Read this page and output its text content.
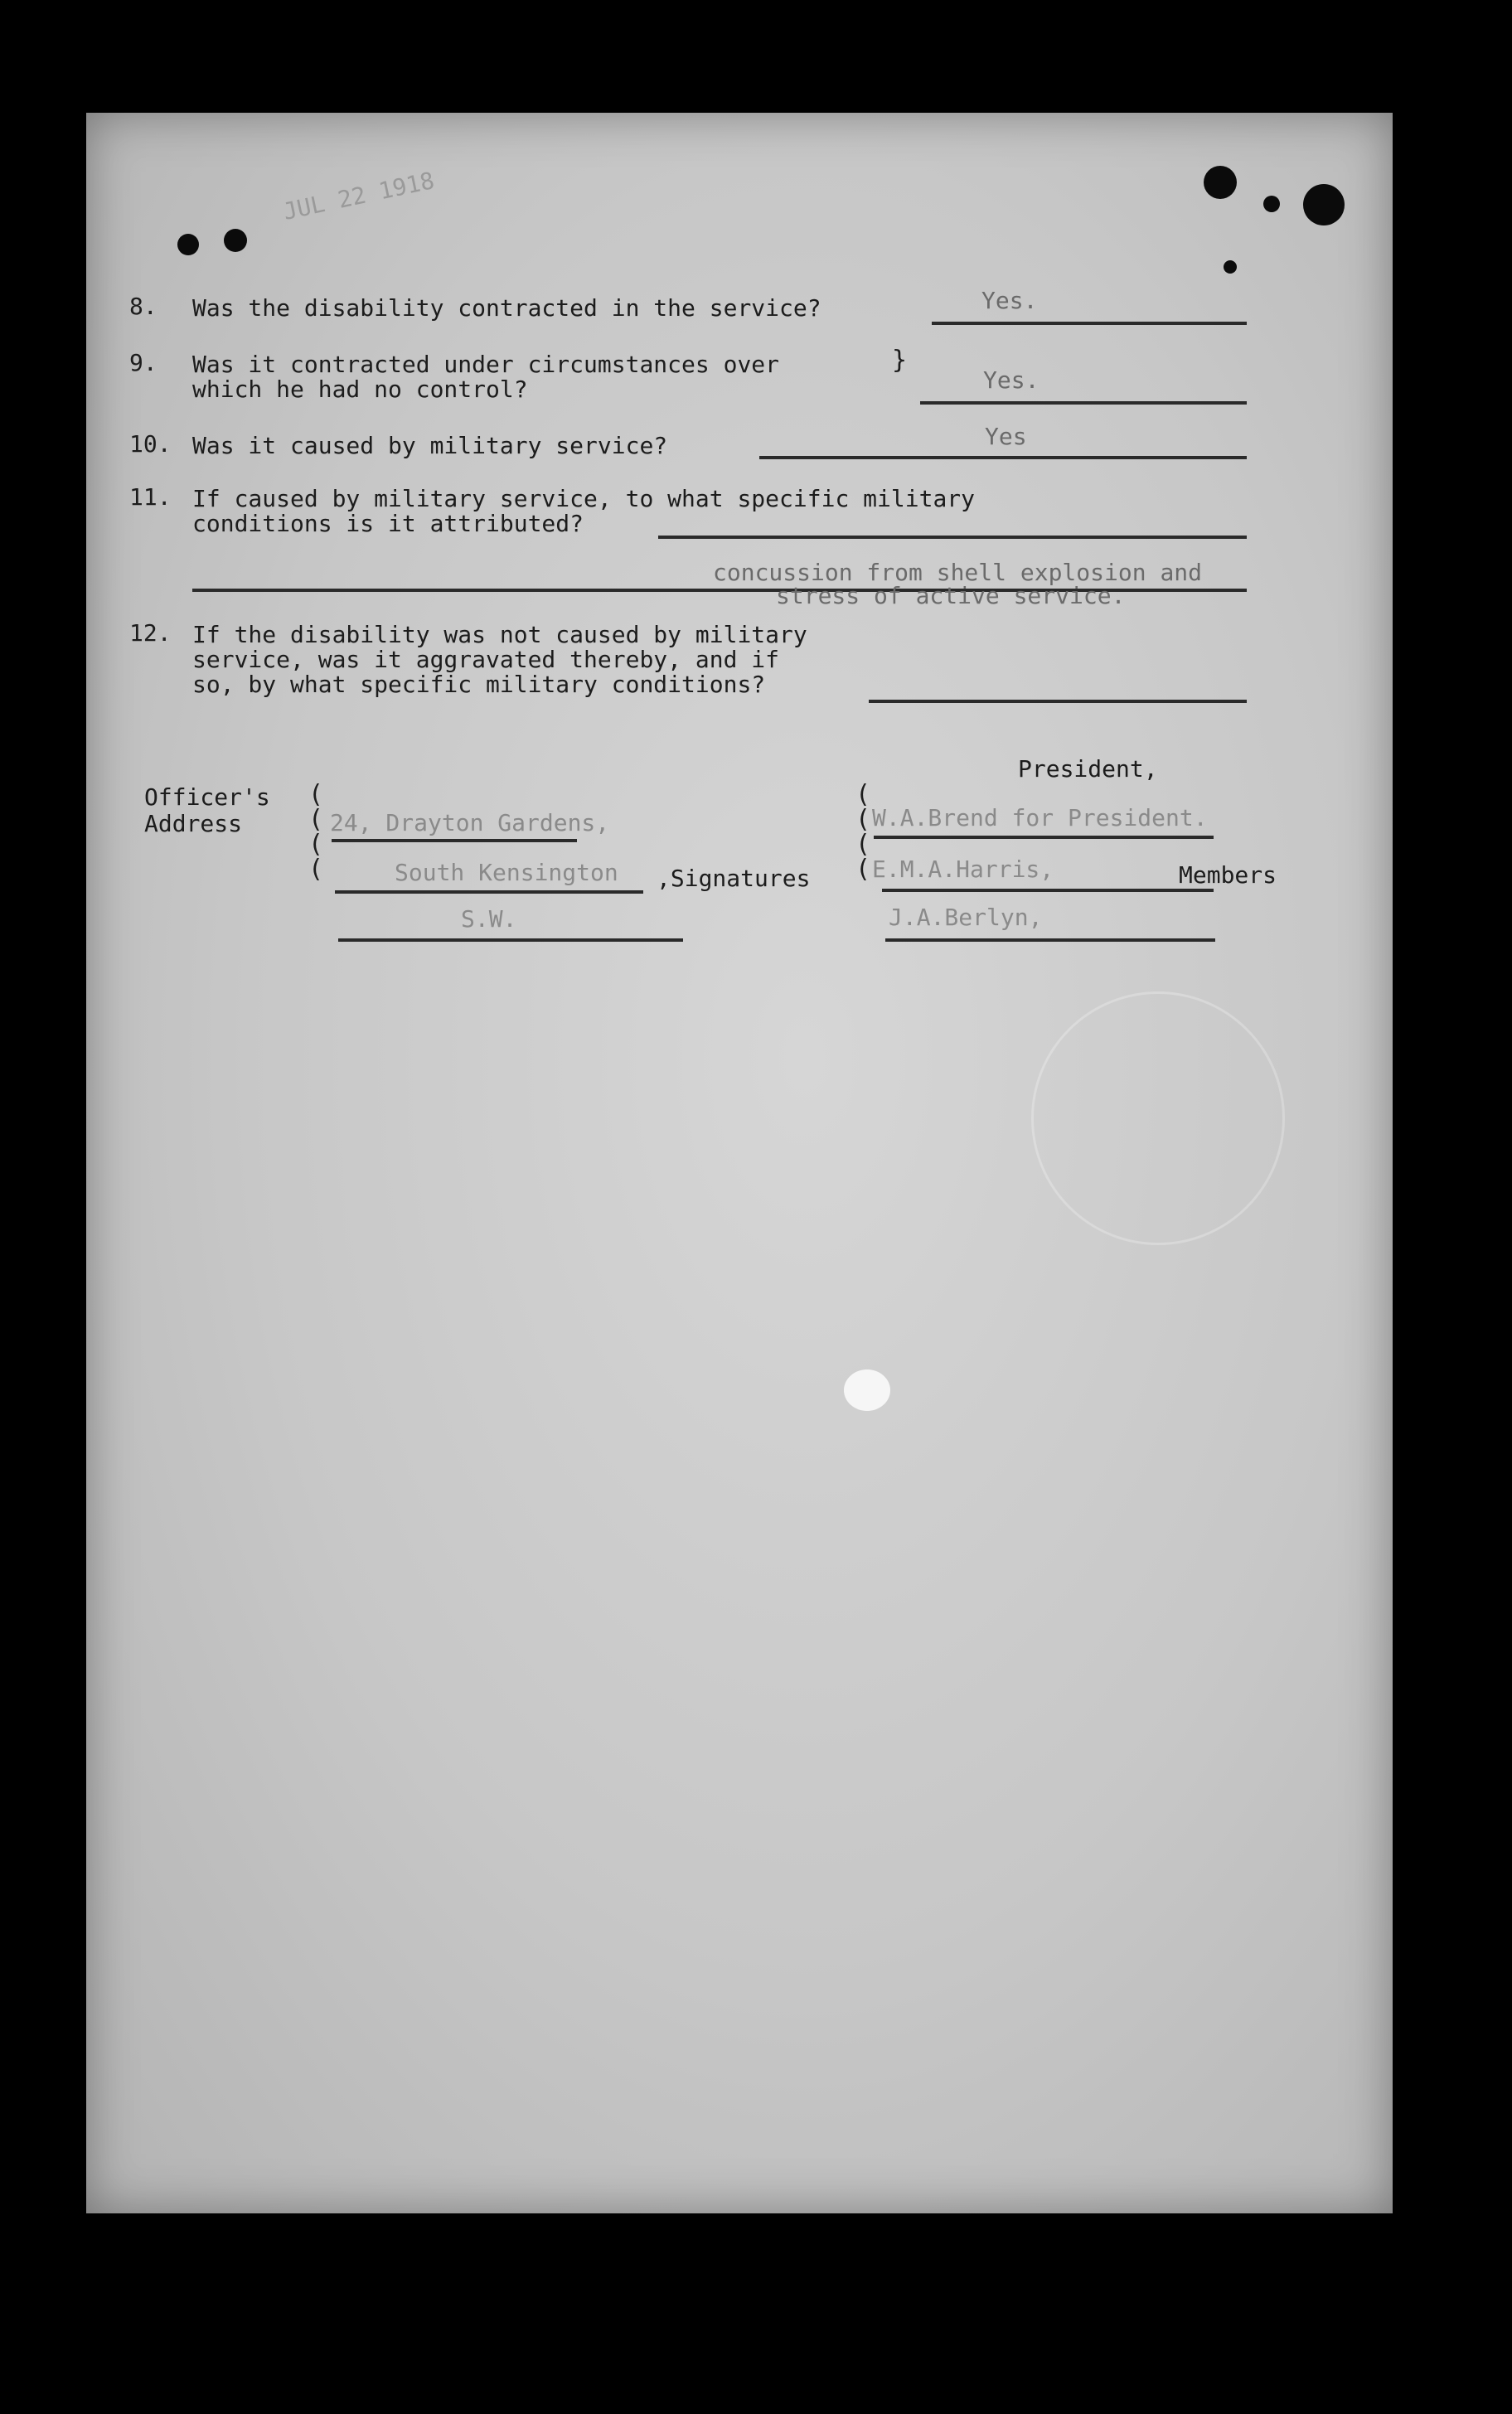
JUL 22 1918
8. Was the disability contracted in the service?	Yes.
9. Was it contracted under circumstances over
which he had no control?
}
Yes.
10. Was it caused by military service?	Yes
11. If caused by military service, to what specific military
conditions is it attributed?
concussion from shell explosion and
stress of active service.
12. If the disability was not caused by military
service, was it aggravated thereby, and if
so, by what specific military conditions?
Officer's
Address
(
(
(
(
24, Drayton Gardens,
South Kensington
S.W.
,Signatures
President,
(
(
(
(
W.A.Brend for President.
E.M.A.Harris,	Members
J.A.Berlyn,
